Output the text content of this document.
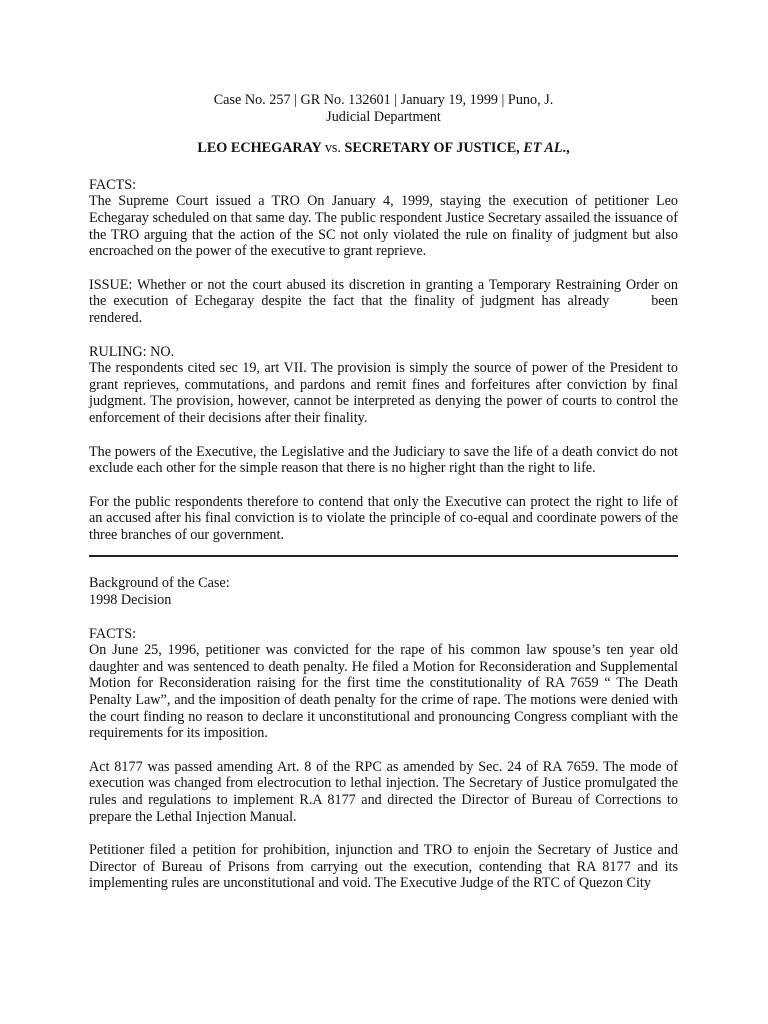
Case No. 257 | GR No. 132601 | January 19, 1999 | Puno, J.

Judicial Department

LEO ECHEGARAY vs. SECRETARY OF JUSTICE, ET AL.,

FACTS:

The Supreme Court issued a TRO On January 4, 1999, staying the execution of petitioner Leo Echegaray scheduled on that same day. The public respondent Justice Secretary assailed the issuance of the TRO arguing that the action of the SC not only violated the rule on finality of judgment but also encroached on the power of the executive to grant reprieve.

ISSUE: Whether or not the court abused its discretion in granting a Temporary Restraining Order on the execution of Echegaray despite the fact that the finality of judgment has already	been rendered.

RULING: NO.

The respondents cited sec 19, art VII. The provision is simply the source of power of the President to grant reprieves, commutations, and pardons and remit fines and forfeitures after conviction by final judgment. The provision, however, cannot be interpreted as denying the power of courts to control the enforcement of their decisions after their finality.

The powers of the Executive, the Legislative and the Judiciary to save the life of a death convict do not exclude each other for the simple reason that there is no higher right than the right to life.

For the public respondents therefore to contend that only the Executive can protect the right to life of an accused after his final conviction is to violate the principle of co-equal and coordinate powers of the three branches of our government.

Background of the Case:

1998 Decision

FACTS:

On June 25, 1996, petitioner was convicted for the rape of his common law spouse’s ten year old daughter and was sentenced to death penalty. He filed a Motion for Reconsideration and Supplemental Motion for Reconsideration raising for the first time the constitutionality of RA 7659 “ The Death Penalty Law”, and the imposition of death penalty for the crime of rape. The motions were denied with the court finding no reason to declare it unconstitutional and pronouncing Congress compliant with the requirements for its imposition.

Act 8177 was passed amending Art. 8 of the RPC as amended by Sec. 24 of RA 7659. The mode of execution was changed from electrocution to lethal injection. The Secretary of Justice promulgated the rules and regulations to implement R.A 8177 and directed the Director of Bureau of Corrections to prepare the Lethal Injection Manual.

Petitioner filed a petition for prohibition, injunction and TRO to enjoin the Secretary of Justice and Director of Bureau of Prisons from carrying out the execution, contending that RA 8177 and its implementing rules are unconstitutional and void. The Executive Judge of the RTC of Quezon City
